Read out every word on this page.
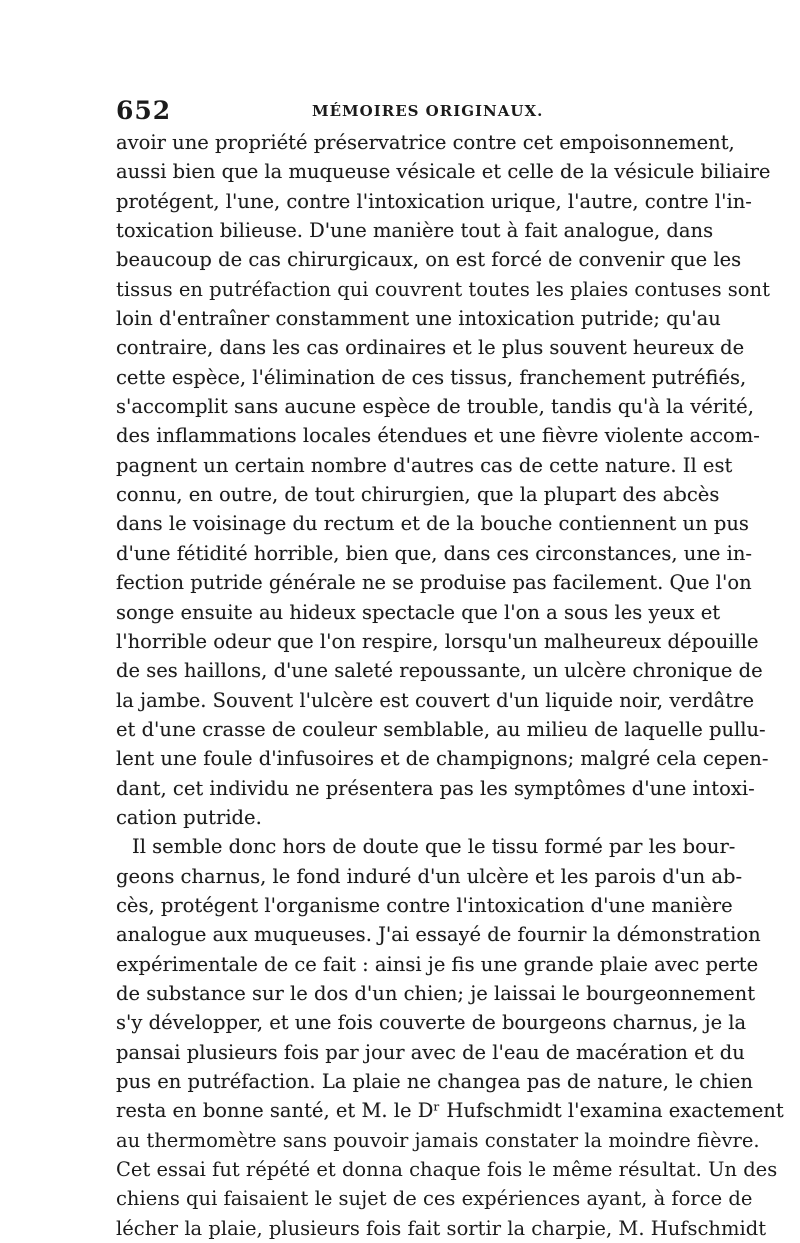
652	MÉMOIRES ORIGINAUX.
avoir une propriété préservatrice contre cet empoisonnement,
aussi bien que la muqueuse vésicale et celle de la vésicule biliaire
protégent, l'une, contre l'intoxication urique, l'autre, contre l'in-
toxication bilieuse. D'une manière tout à fait analogue, dans
beaucoup de cas chirurgicaux, on est forcé de convenir que les
tissus en putréfaction qui couvrent toutes les plaies contuses sont
loin d'entraîner constamment une intoxication putride; qu'au
contraire, dans les cas ordinaires et le plus souvent heureux de
cette espèce, l'élimination de ces tissus, franchement putréfiés,
s'accomplit sans aucune espèce de trouble, tandis qu'à la vérité,
des inflammations locales étendues et une fièvre violente accom-
pagnent un certain nombre d'autres cas de cette nature. Il est
connu, en outre, de tout chirurgien, que la plupart des abcès
dans le voisinage du rectum et de la bouche contiennent un pus
d'une fétidité horrible, bien que, dans ces circonstances, une in-
fection putride générale ne se produise pas facilement. Que l'on
songe ensuite au hideux spectacle que l'on a sous les yeux et
l'horrible odeur que l'on respire, lorsqu'un malheureux dépouille
de ses haillons, d'une saleté repoussante, un ulcère chronique de
la jambe. Souvent l'ulcère est couvert d'un liquide noir, verdâtre
et d'une crasse de couleur semblable, au milieu de laquelle pullu-
lent une foule d'infusoires et de champignons; malgré cela cepen-
dant, cet individu ne présentera pas les symptômes d'une intoxi-
cation putride.
Il semble donc hors de doute que le tissu formé par les bour-
geons charnus, le fond induré d'un ulcère et les parois d'un ab-
cès, protégent l'organisme contre l'intoxication d'une manière
analogue aux muqueuses. J'ai essayé de fournir la démonstration
expérimentale de ce fait : ainsi je fis une grande plaie avec perte
de substance sur le dos d'un chien; je laissai le bourgeonnement
s'y développer, et une fois couverte de bourgeons charnus, je la
pansai plusieurs fois par jour avec de l'eau de macération et du
pus en putréfaction. La plaie ne changea pas de nature, le chien
resta en bonne santé, et M. le Dʳ Hufschmidt l'examina exactement
au thermomètre sans pouvoir jamais constater la moindre fièvre.
Cet essai fut répété et donna chaque fois le même résultat. Un des
chiens qui faisaient le sujet de ces expériences ayant, à force de
lécher la plaie, plusieurs fois fait sortir la charpie, M. Hufschmidt
